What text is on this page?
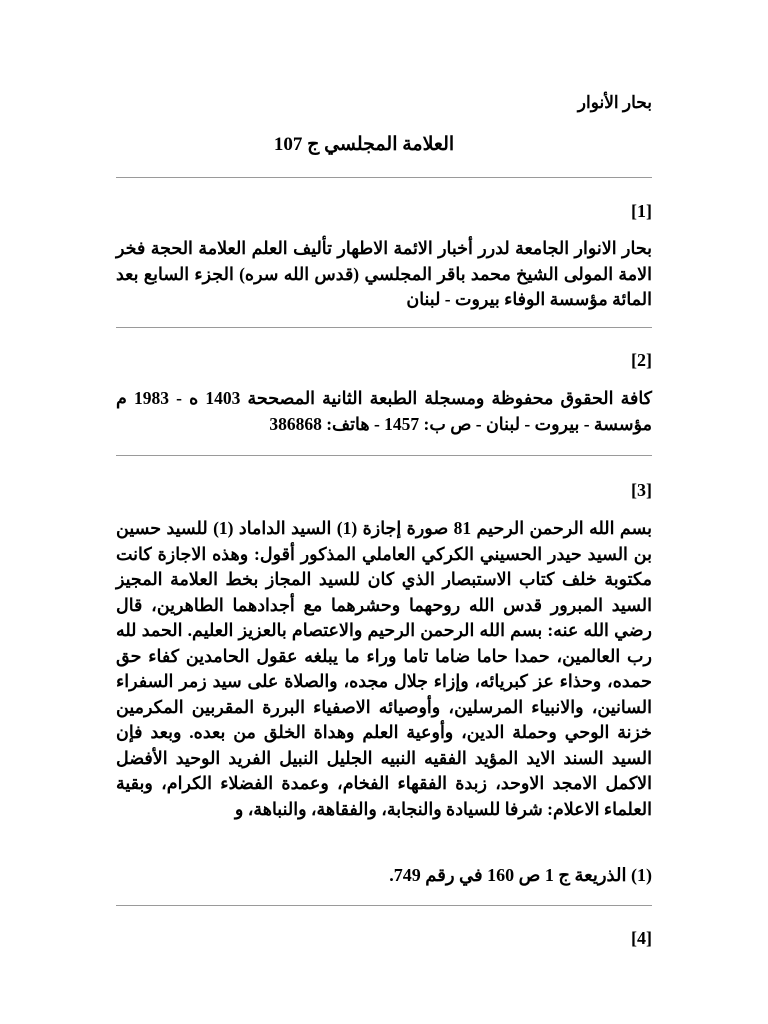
بحار الأنوار
العلامة المجلسي ج 107
[1]
بحار الانوار الجامعة لدرر أخبار الائمة الاطهار تأليف العلم العلامة الحجة فخر الامة المولى الشيخ محمد باقر المجلسي (قدس الله سره) الجزء السابع بعد المائة مؤسسة الوفاء بيروت - لبنان
[2]
كافة الحقوق محفوظة ومسجلة الطبعة الثانية المصححة 1403 ه - 1983 م مؤسسة - بيروت - لبنان - ص ب: 1457 - هاتف: 386868
[3]
بسم الله الرحمن الرحيم 81 صورة إجازة (1) السيد الداماد (1) للسيد حسين بن السيد حيدر الحسيني الكركي العاملي المذكور أقول: وهذه الاجازة كانت مكتوبة خلف كتاب الاستبصار الذي كان للسيد المجاز بخط العلامة المجيز السيد المبرور قدس الله روحهما وحشرهما مع أجدادهما الطاهرين، قال رضي الله عنه: بسم الله الرحمن الرحيم والاعتصام بالعزيز العليم. الحمد لله رب العالمين، حمدا حاما ضاما تاما وراء ما يبلغه عقول الحامدين كفاء حق حمده، وحذاء عز كبريائه، وإزاء جلال مجده، والصلاة على سيد زمر السفراء السانين، والانبياء المرسلين، وأوصيائه الاصفياء البررة المقربين المكرمين خزنة الوحي وحملة الدين، وأوعية العلم وهداة الخلق من بعده. وبعد فإن السيد السند الايد المؤيد الفقيه النبيه الجليل النبيل الفريد الوحيد الأفضل الاكمل الامجد الاوحد، زبدة الفقهاء الفخام، وعمدة الفضلاء الكرام، وبقية العلماء الاعلام: شرفا للسيادة والنجابة، والفقاهة، والنباهة، و
(1) الذريعة ج 1 ص 160 في رقم 749.
[4]
